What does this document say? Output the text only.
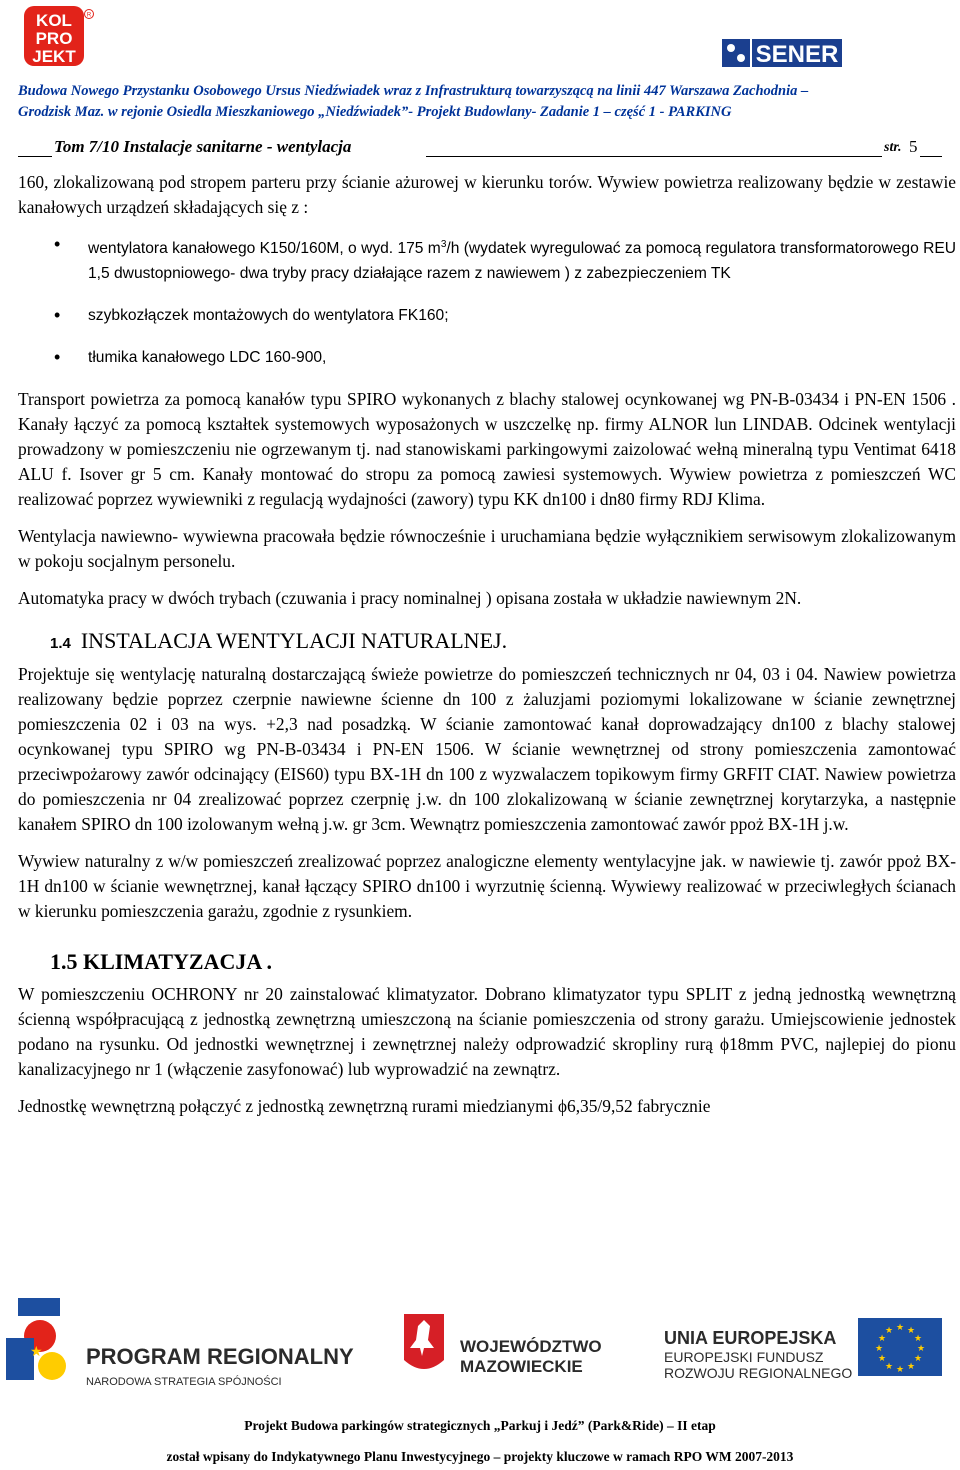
KOL
PRO
JEKT
R
SENER
Budowa Nowego Przystanku Osobowego Ursus Niedźwiadek wraz z Infrastrukturą towarzyszącą na linii 447 Warszawa Zachodnia –
Grodzisk Maz. w rejonie Osiedla Mieszkaniowego „Niedźwiadek”- Projekt Budowlany- Zadanie 1 – część 1 - PARKING
Tom 7/10 Instalacje sanitarne - wentylacja	str. 5

160, zlokalizowaną pod stropem parteru przy ścianie ażurowej w kierunku torów. Wywiew powietrza realizowany będzie w zestawie kanałowych urządzeń składających się z :

• wentylatora kanałowego K150/160M, o wyd. 175 $m^3/h$ (wydatek wyregulować za pomocą regulatora transformatorowego REU 1,5 dwustopniowego- dwa tryby pracy działające razem z nawiewem ) z zabezpieczeniem TK
• szybkozłączek montażowych do wentylatora FK160;
• tłumika kanałowego LDC 160-900,

Transport powietrza za pomocą kanałów typu SPIRO wykonanych z blachy stalowej ocynkowanej wg PN-B-03434 i PN-EN 1506 . Kanały łączyć za pomocą kształtek systemowych wyposażonych w uszczelkę np. firmy ALNOR lun LINDAB. Odcinek wentylacji prowadzony w pomieszczeniu nie ogrzewanym tj. nad stanowiskami parkingowymi zaizolować wełną mineralną typu Ventimat 6418 ALU f. Isover gr 5 cm. Kanały montować do stropu za pomocą zawiesi systemowych. Wywiew powietrza z pomieszczeń WC realizować poprzez wywiewniki z regulacją wydajności (zawory) typu KK dn100 i dn80 firmy RDJ Klima.

Wentylacja nawiewno- wywiewna pracowała będzie równocześnie i uruchamiana będzie wyłącznikiem serwisowym zlokalizowanym w pokoju socjalnym personelu.

Automatyka pracy w dwóch trybach (czuwania i pracy nominalnej ) opisana została w układzie nawiewnym 2N.

1.4 INSTALACJA WENTYLACJI NATURALNEJ.

Projektuje się wentylację naturalną dostarczającą świeże powietrze do pomieszczeń technicznych nr 04, 03 i 04. Nawiew powietrza realizowany będzie poprzez czerpnie nawiewne ścienne dn 100 z żaluzjami poziomymi lokalizowane w ścianie zewnętrznej pomieszczenia 02 i 03 na wys. +2,3 nad posadzką. W ścianie zamontować kanał doprowadzający dn100 z blachy stalowej ocynkowanej typu SPIRO wg PN-B-03434 i PN-EN 1506. W ścianie wewnętrznej od strony pomieszczenia zamontować przeciwpożarowy zawór odcinający (EIS60) typu BX-1H dn 100 z wyzwalaczem topikowym firmy GRFIT CIAT. Nawiew powietrza do pomieszczenia nr 04 zrealizować poprzez czerpnię j.w. dn 100 zlokalizowaną w ścianie zewnętrznej korytarzyka, a następnie kanałem SPIRO dn 100 izolowanym wełną j.w. gr 3cm. Wewnątrz pomieszczenia zamontować zawór ppoż BX-1H j.w.

Wywiew naturalny z w/w pomieszczeń zrealizować poprzez analogiczne elementy wentylacyjne jak. w nawiewie tj. zawór ppoż BX-1H dn100 w ścianie wewnętrznej, kanał łączący SPIRO dn100 i wyrzutnię ścienną. Wywiewy realizować w przeciwległych ścianach w kierunku pomieszczenia garażu, zgodnie z rysunkiem.

1.5 KLIMATYZACJA .

W pomieszczeniu OCHRONY nr 20 zainstalować klimatyzator. Dobrano klimatyzator typu SPLIT z jedną jednostką wewnętrzną ścienną współpracującą z jednostką zewnętrzną umieszczoną na ścianie pomieszczenia od strony garażu. Umiejscowienie jednostek podano na rysunku. Od jednostki wewnętrznej i zewnętrznej należy odprowadzić skropliny rurą ϕ18mm PVC, najlepiej do pionu kanalizacyjnego nr 1 (włączenie zasyfonować) lub wyprowadzić na zewnątrz.

Jednostkę wewnętrzną połączyć z jednostką zewnętrzną rurami miedzianymi ϕ6,35/9,52 fabrycznie

★ PROGRAM REGIONALNY
NARODOWA STRATEGIA SPÓJNOŚCI
WOJEWÓDZTWO
MAZOWIECKIE
UNIA EUROPEJSKA
EUROPEJSKI FUNDUSZ
ROZWOJU REGIONALNEGO
★ ★
★
★
★
★
★
★
★
★
★
★
Projekt Budowa parkingów strategicznych „Parkuj i Jedź” (Park&Ride) – II etap
został wpisany do Indykatywnego Planu Inwestycyjnego – projekty kluczowe w ramach RPO WM 2007-2013
